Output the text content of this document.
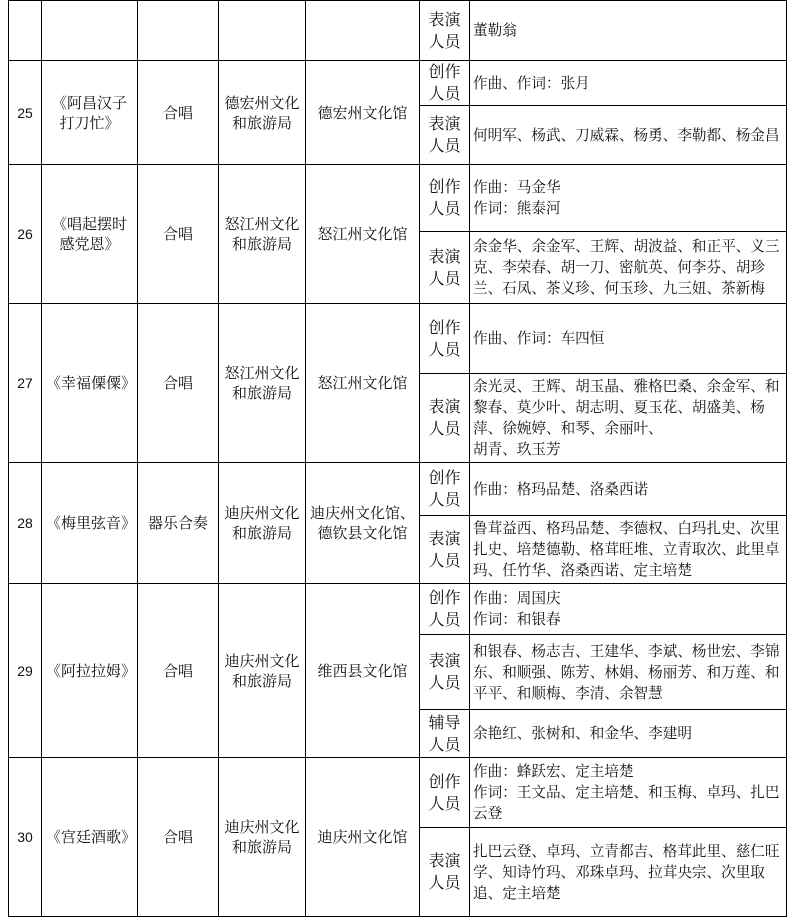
					表演人员	董勒翁

25	《阿昌汉子打刀忙》	合唱	德宏州文化和旅游局	德宏州文化馆	创作人员	作曲、作词：张月

					表演人员	何明军、杨武、刀威霖、杨勇、李勒都、杨金昌

26	《唱起摆时感党恩》	合唱	怒江州文化和旅游局	怒江州文化馆	创作人员	作曲：马金华
作词：熊泰河

					表演人员	余金华、余金军、王辉、胡波益、和正平、义三克、李荣春、胡一刀、密航英、何李芬、胡珍兰、石凤、茶义珍、何玉珍、九三妞、茶新梅

27	《幸福傈僳》	合唱	怒江州文化和旅游局	怒江州文化馆	创作人员	作曲、作词：车四恒

					表演人员	余光灵、王辉、胡玉晶、雅格巴桑、余金军、和黎春、莫少叶、胡志明、夏玉花、胡盛美、杨萍、徐婉婷、和琴、余丽叶、
胡青、玖玉芳

28	《梅里弦音》	器乐合奏	迪庆州文化和旅游局	迪庆州文化馆、德钦县文化馆	创作人员	作曲：格玛品楚、洛桑西诺

					表演人员	鲁茸益西、格玛品楚、李德权、白玛扎史、次里扎史、培楚德勒、格茸旺堆、立青取次、此里卓玛、任竹华、洛桑西诺、定主培楚

29	《阿拉拉姆》	合唱	迪庆州文化和旅游局	维西县文化馆	创作人员	作曲：周国庆
作词：和银春

					表演人员	和银春、杨志吉、王建华、李斌、杨世宏、李锦东、和顺强、陈芳、林娟、杨丽芳、和万莲、和平平、和顺梅、李清、余智慧

					辅导人员	余艳红、张树和、和金华、李建明

30	《宫廷酒歌》	合唱	迪庆州文化和旅游局	迪庆州文化馆	创作人员	作曲：蜂跃宏、定主培楚
作词：王文品、定主培楚、和玉梅、卓玛、扎巴云登

					表演人员	扎巴云登、卓玛、立青都吉、格茸此里、慈仁旺学、知诗竹玛、邓珠卓玛、拉茸央宗、次里取追、定主培楚
